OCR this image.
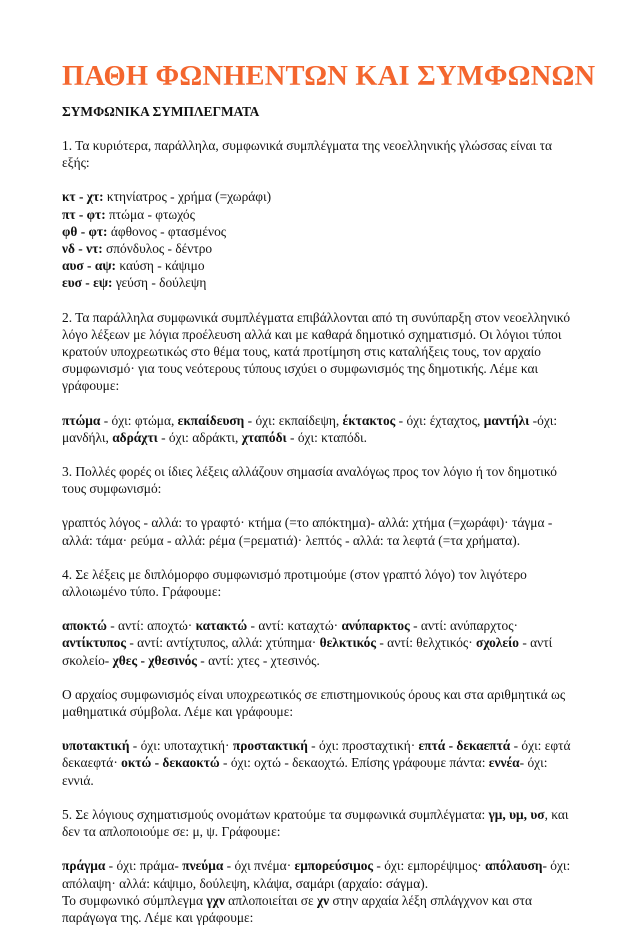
ΠΑΘΗ ΦΩΝΗΕΝΤΩΝ ΚΑΙ ΣΥΜΦΩΝΩΝ
ΣΥΜΦΩΝΙΚΑ ΣΥΜΠΛΕΓΜΑΤΑ

1. Τα κυριότερα, παράλληλα, συμφωνικά συμπλέγματα της νεοελληνικής γλώσσας είναι τα εξής:

κτ - χτ: κτηνίατρος - χρήμα (=χωράφι)

πτ - φτ: πτώμα - φτωχός

φθ - φτ: άφθονος - φτασμένος

νδ - ντ: σπόνδυλος - δέντρο

αυσ - αψ: καύση - κάψιμο

ευσ - εψ: γεύση - δούλεψη

2. Τα παράλληλα συμφωνικά συμπλέγματα επιβάλλονται από τη συνύπαρξη στον νεοελληνικό λόγο λέξεων με λόγια προέλευση αλλά και με καθαρά δημοτικό σχηματισμό. Οι λόγιοι τύποι κρατούν υποχρεωτικώς στο θέμα τους, κατά προτίμηση στις καταλήξεις τους, τον αρχαίο συμφωνισμό· για τους νεότερους τύπους ισχύει ο συμφωνισμός της δημοτικής. Λέμε και γράφουμε:

πτώμα - όχι: φτώμα, εκπαίδευση - όχι: εκπαίδεψη, έκτακτος - όχι: έχταχτος, μαντήλι -όχι: μανδήλι, αδράχτι - όχι: αδράκτι, χταπόδι - όχι: κταπόδι.

3. Πολλές φορές οι ίδιες λέξεις αλλάζουν σημασία αναλόγως προς τον λόγιο ή τον δημοτικό τους συμφωνισμό:

γραπτός λόγος - αλλά: το γραφτό· κτήμα (=το απόκτημα)- αλλά: χτήμα (=χωράφι)· τάγμα - αλλά: τάμα· ρεύμα - αλλά: ρέμα (=ρεματιά)· λεπτός - αλλά: τα λεφτά (=τα χρήματα).

4. Σε λέξεις με διπλόμορφο συμφωνισμό προτιμούμε (στον γραπτό λόγο) τον λιγότερο αλλοιωμένο τύπο. Γράφουμε:

αποκτώ - αντί: αποχτώ· κατακτώ - αντί: καταχτώ· ανύπαρκτος - αντί: ανύπαρχτος· αντίκτυπος - αντί: αντίχτυπος, αλλά: χτύπημα· θελκτικός - αντί: θελχτικός· σχολείο - αντί σκολείο- χθες - χθεσινός - αντί: χτες - χτεσινός.

Ο αρχαίος συμφωνισμός είναι υποχρεωτικός σε επιστημονικούς όρους και στα αριθμητικά ως μαθηματικά σύμβολα. Λέμε και γράφουμε:

υποτακτική - όχι: υποταχτική· προστακτική - όχι: προσταχτική· επτά - δεκαεπτά - όχι: εφτά δεκαεφτά· οκτώ - δεκαοκτώ - όχι: οχτώ - δεκαοχτώ. Επίσης γράφουμε πάντα: εννέα- όχι: εννιά.

5. Σε λόγιους σχηματισμούς ονομάτων κρατούμε τα συμφωνικά συμπλέγματα: γμ, υμ, υσ, και δεν τα απλοποιούμε σε: μ, ψ. Γράφουμε:

πράγμα - όχι: πράμα- πνεύμα - όχι πνέμα· εμπορεύσιμος - όχι: εμπορέψιμος· απόλαυση- όχι: απόλαψη· αλλά: κάψιμο, δούλεψη, κλάψα, σαμάρι (αρχαίο: σάγμα).

Το συμφωνικό σύμπλεγμα γχν απλοποιείται σε χν στην αρχαία λέξη σπλάγχνον και στα παράγωγα της. Λέμε και γράφουμε:
